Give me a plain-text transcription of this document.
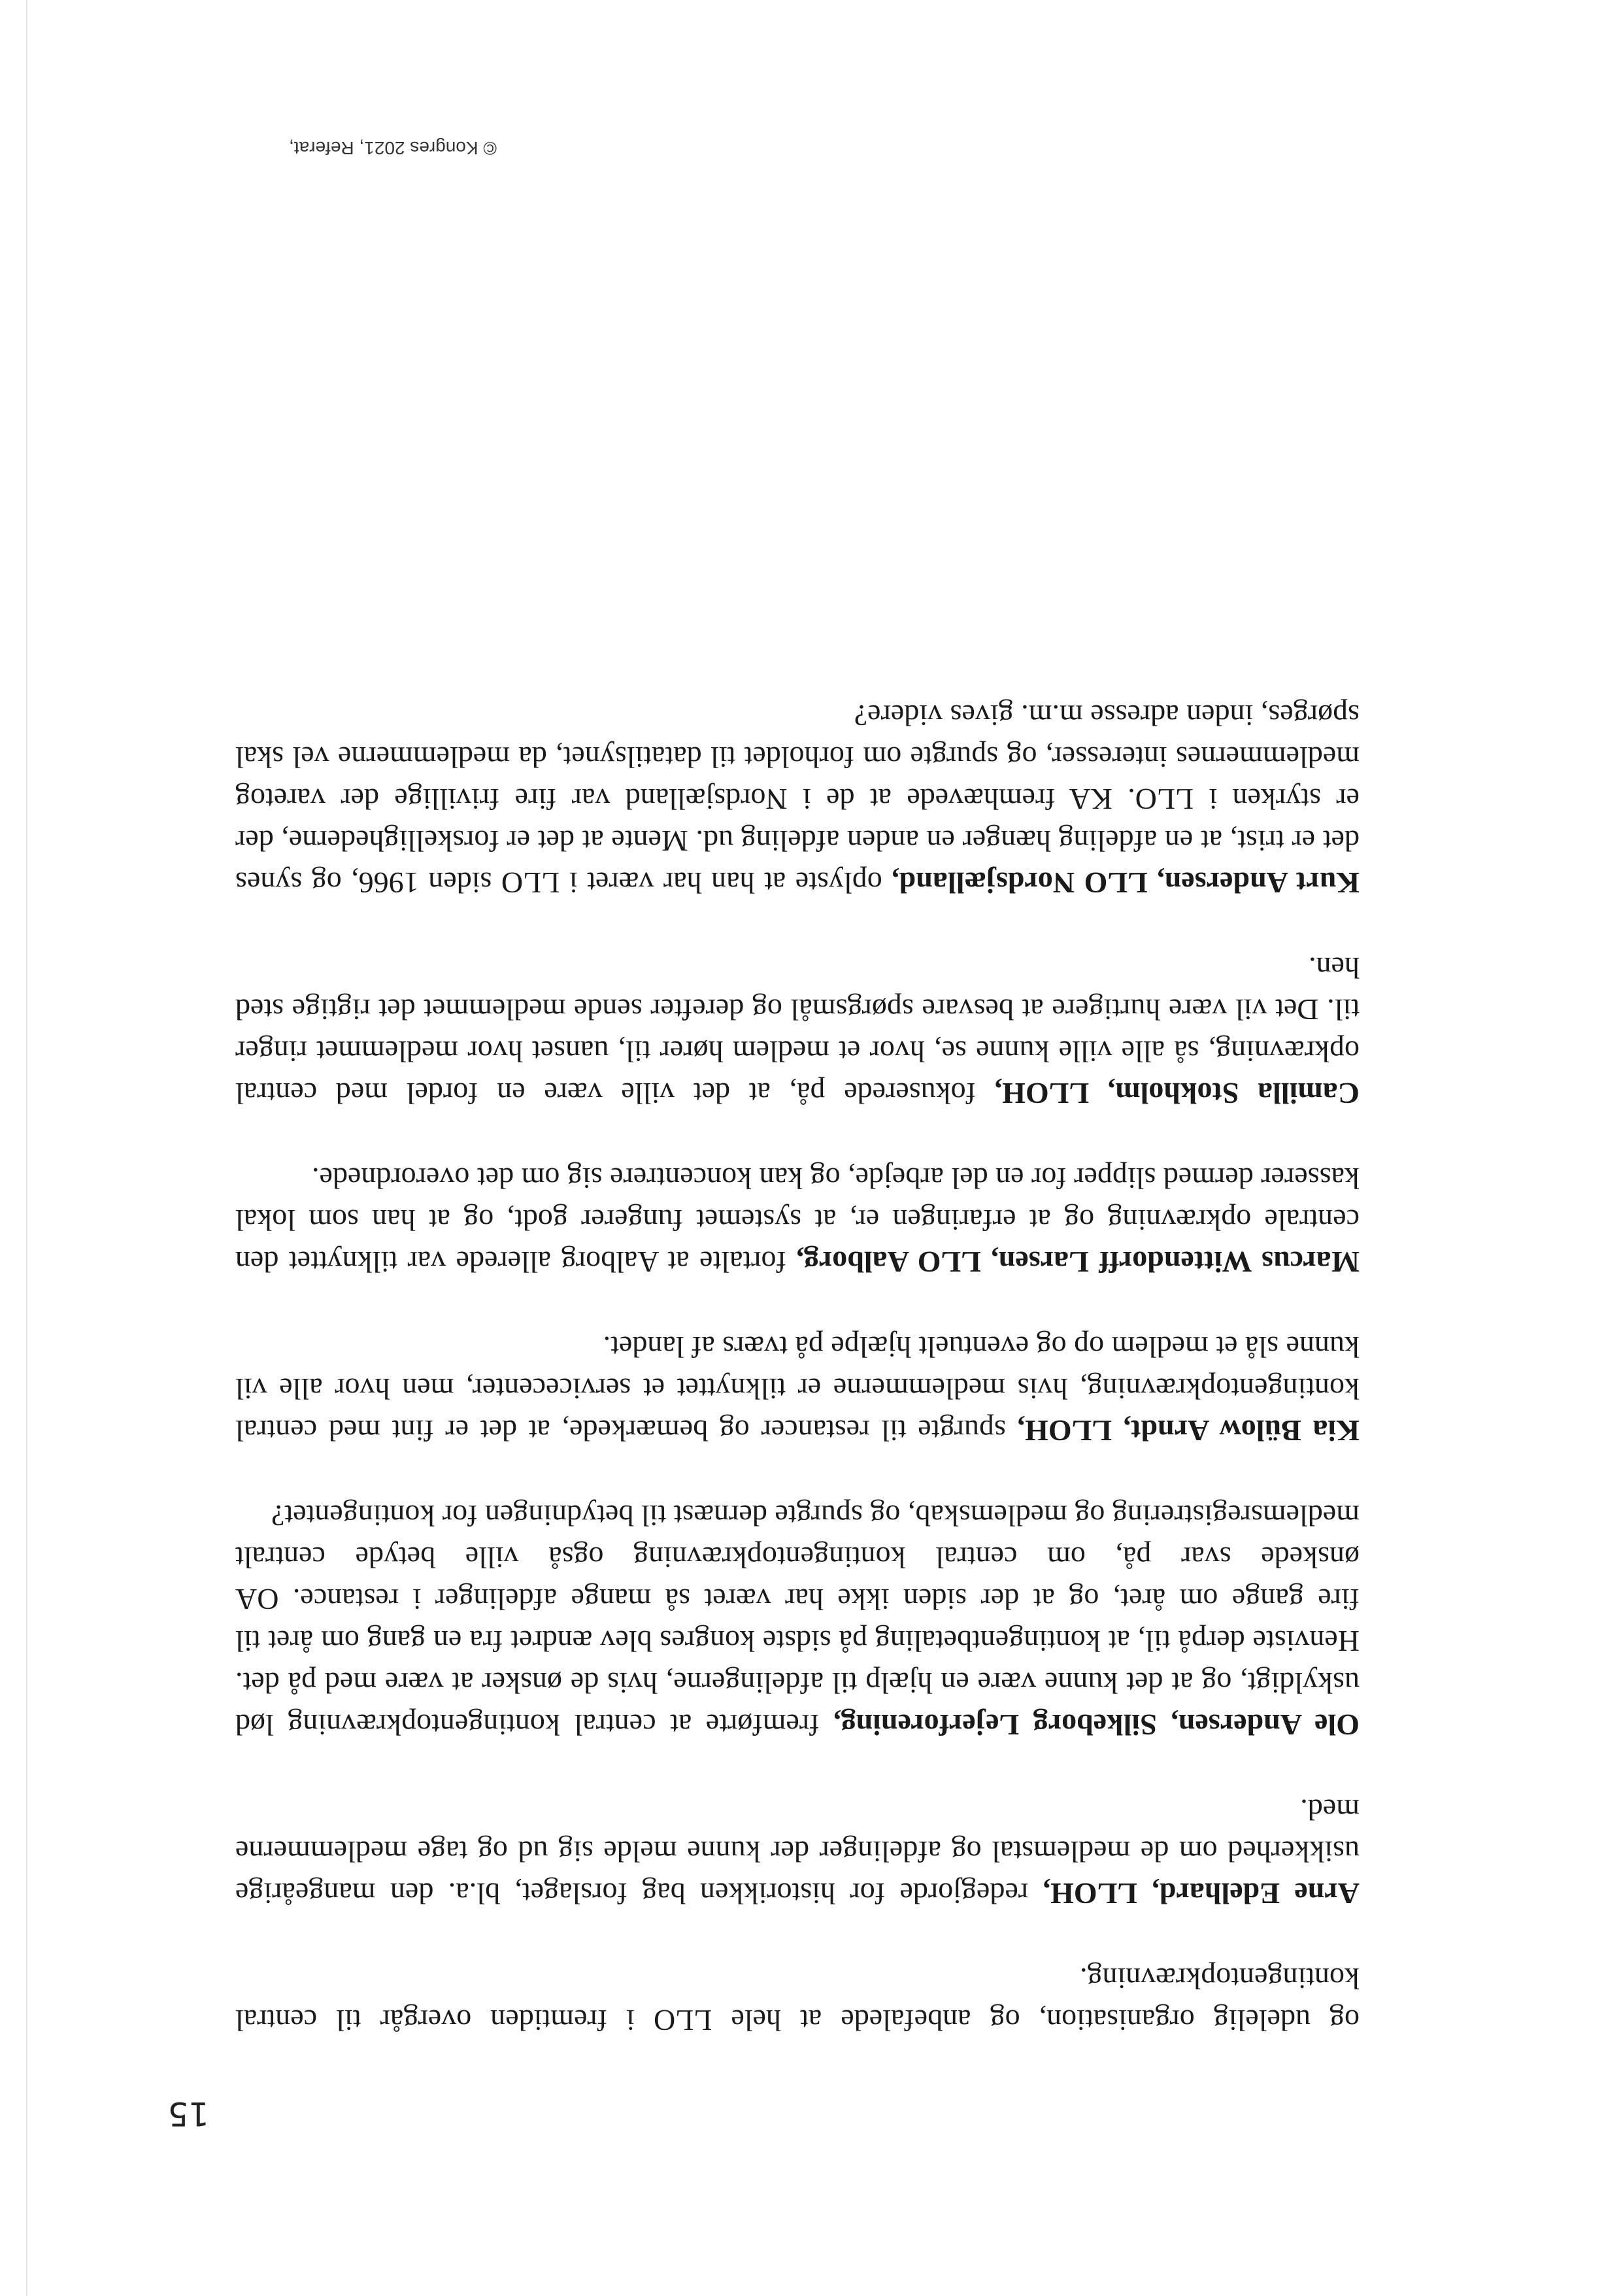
15

og udelelig organisation, og anbefalede at hele LLO i fremtiden overgår til central kontingentopkrævning.

Arne Edelhard, LLOH, redegjorde for historikken bag forslaget, bl.a. den mangeårige usikkerhed om de medlemstal og afdelinger der kunne melde sig ud og tage medlemmerne med.

Ole Andersen, Silkeborg Lejerforening, fremførte at central kontingentopkrævning lød uskyldigt, og at det kunne være en hjælp til afdelingerne, hvis de ønsker at være med på det. Henviste derpå til, at kontingentbetaling på sidste kongres blev ændret fra en gang om året til fire gange om året, og at der siden ikke har været så mange afdelinger i restance. OA ønskede svar på, om central kontingentopkrævning også ville betyde centralt medlemsregistrering og medlemskab, og spurgte dernæst til betydningen for kontingentet?

Kia Bülow Arndt, LLOH, spurgte til restancer og bemærkede, at det er fint med central kontingentopkrævning, hvis medlemmerne er tilknyttet et servicecenter, men hvor alle vil kunne slå et medlem op og eventuelt hjælpe på tværs af landet.

Marcus Wittendorff Larsen, LLO Aalborg, fortalte at Aalborg allerede var tilknyttet den centrale opkrævning og at erfaringen er, at systemet fungerer godt, og at han som lokal kasserer dermed slipper for en del arbejde, og kan koncentrere sig om det overordnede.

Camilla Stokholm, LLOH, fokuserede på, at det ville være en fordel med central opkrævning, så alle ville kunne se, hvor et medlem hører til, uanset hvor medlemmet ringer til. Det vil være hurtigere at besvare spørgsmål og derefter sende medlemmet det rigtige sted hen.

Kurt Andersen, LLO Nordsjælland, oplyste at han har været i LLO siden 1966, og synes det er trist, at en afdeling hænger en anden afdeling ud. Mente at det er forskellighederne, der er styrken i LLO. KA fremhævede at de i Nordsjælland var fire frivillige der varetog medlemmernes interesser, og spurgte om forholdet til datatilsynet, da medlemmerne vel skal spørges, inden adresse m.m. gives videre?

© Kongres 2021, Referat,
